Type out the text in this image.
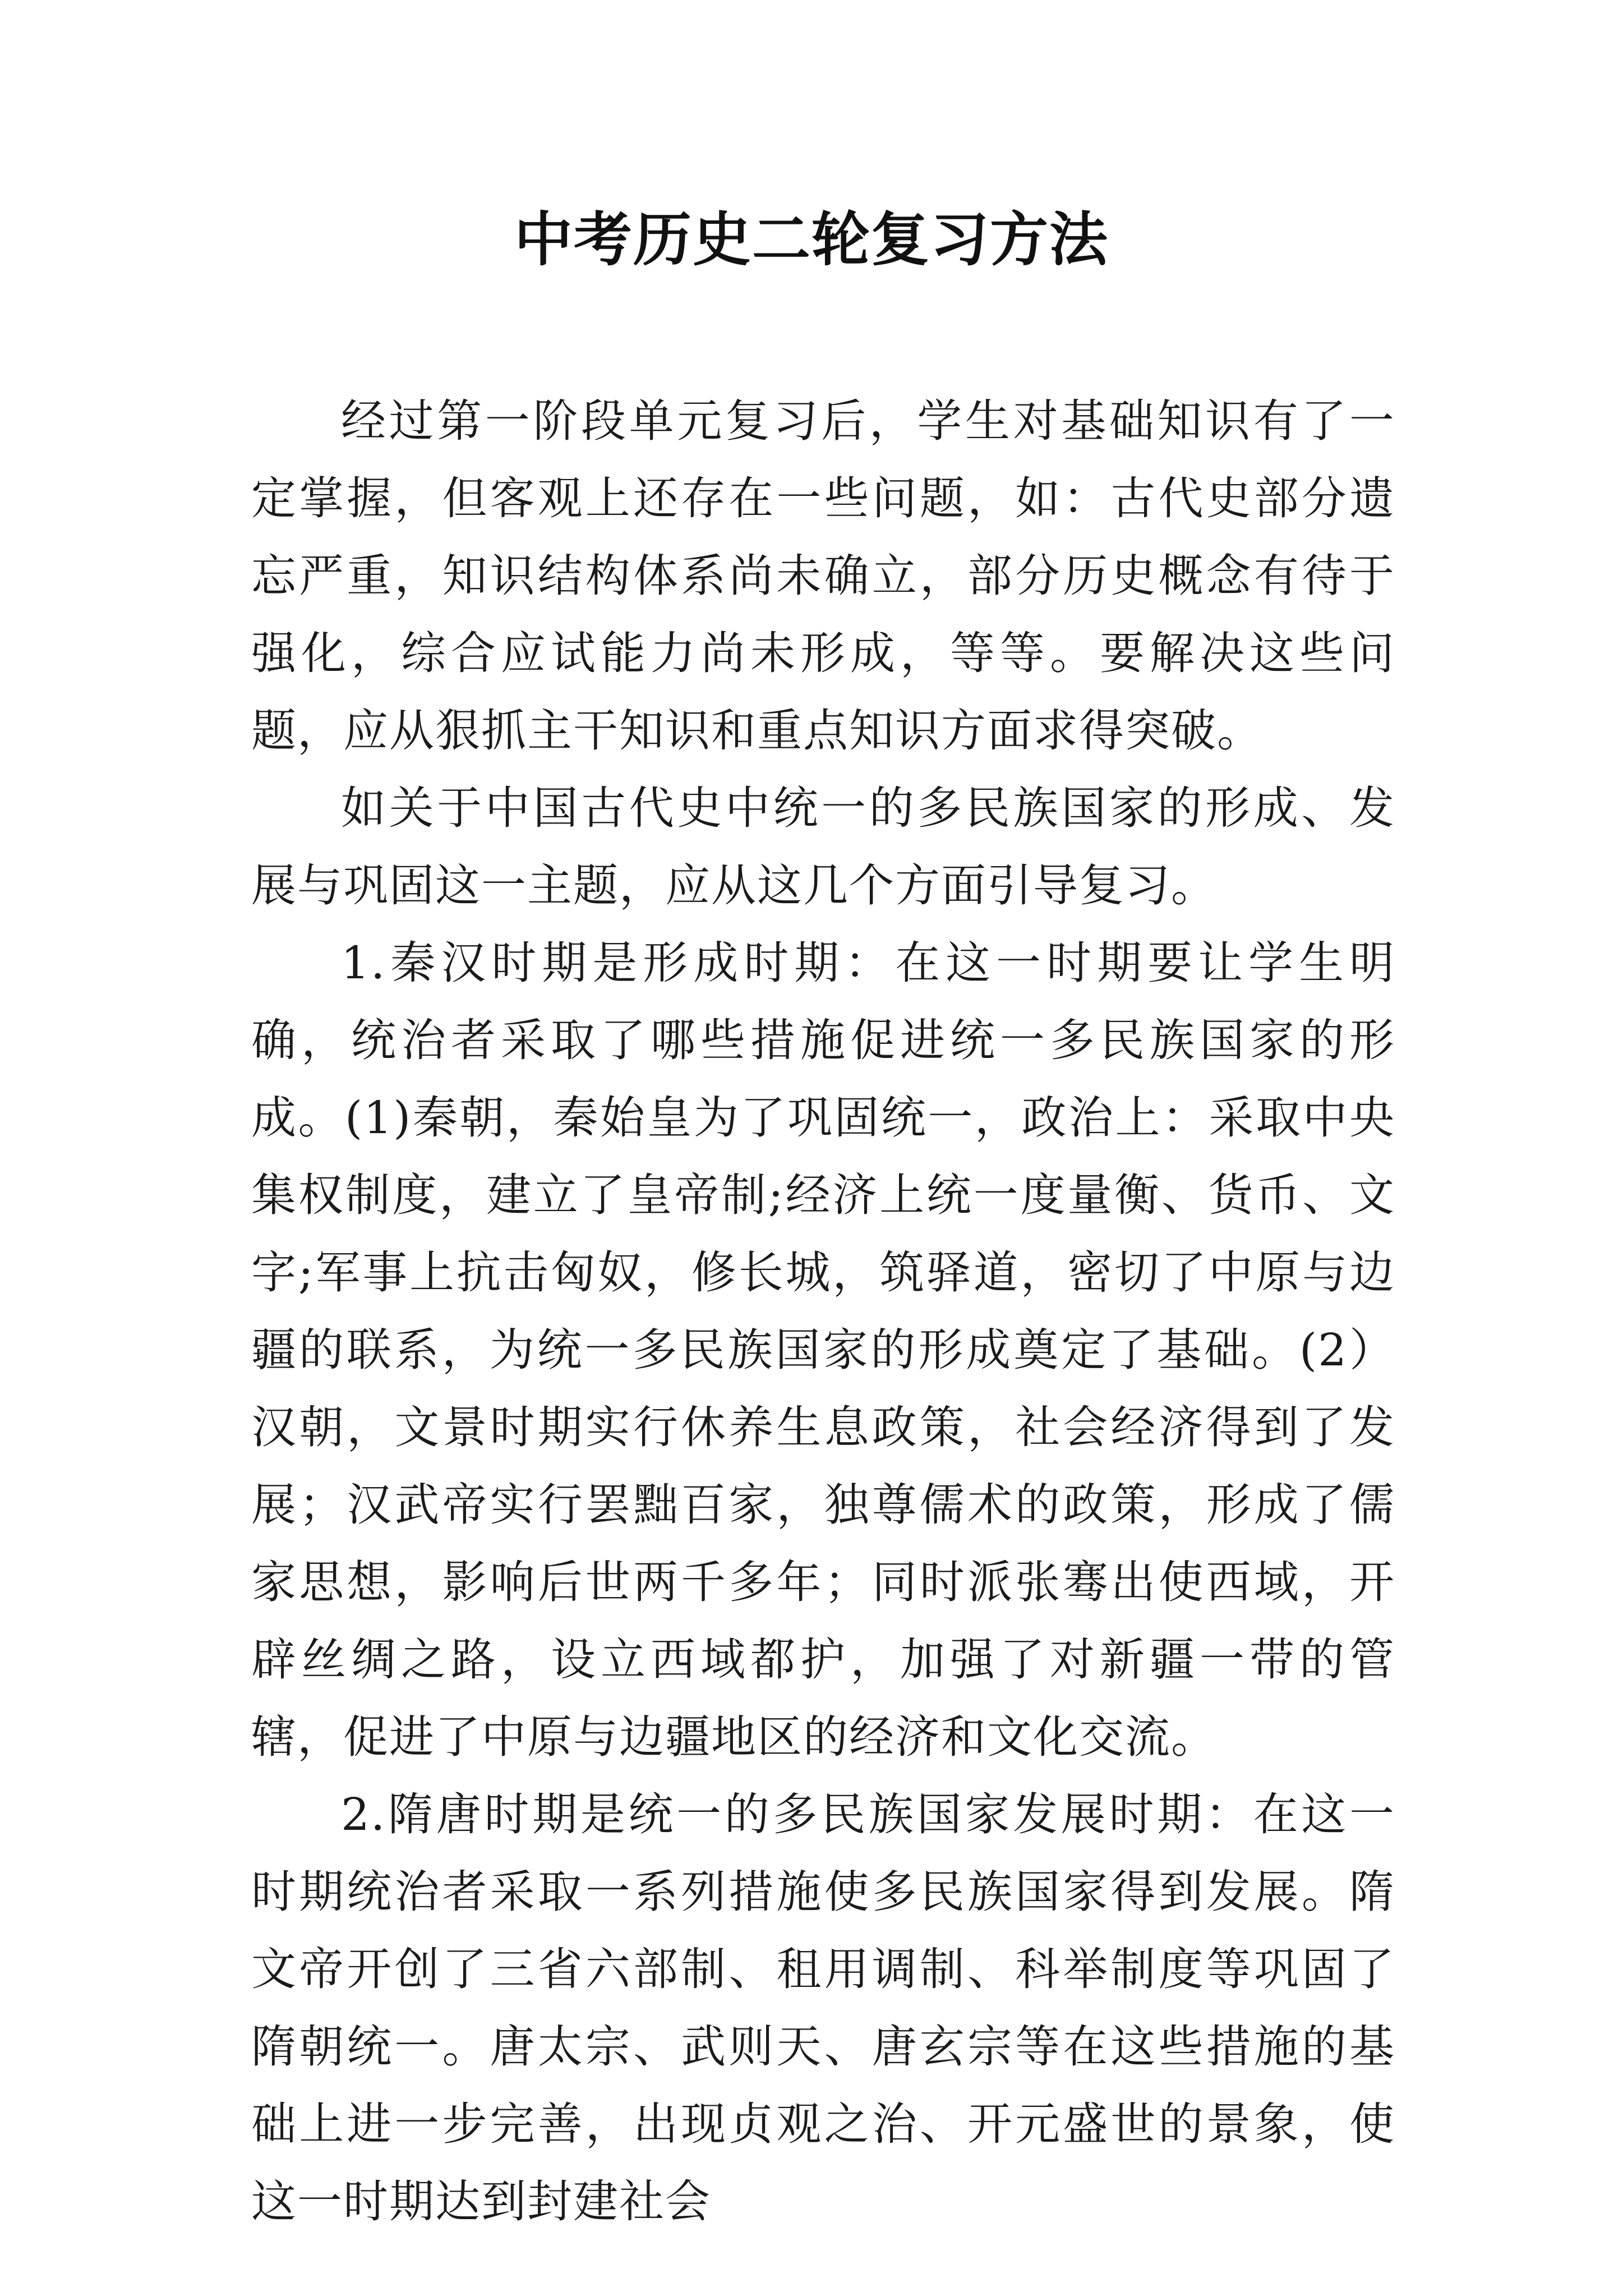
中考历史二轮复习方法

经过第一阶段单元复习后，学生对基础知识有了一定掌握，但客观上还存在一些问题，如：古代史部分遗忘严重，知识结构体系尚未确立，部分历史概念有待于强化，综合应试能力尚未形成，等等。要解决这些问题，应从狠抓主干知识和重点知识方面求得突破。

如关于中国古代史中统一的多民族国家的形成、发展与巩固这一主题，应从这几个方面引导复习。

1.秦汉时期是形成时期：在这一时期要让学生明确，统治者采取了哪些措施促进统一多民族国家的形成。(1)秦朝，秦始皇为了巩固统一，政治上：采取中央集权制度，建立了皇帝制;经济上统一度量衡、货币、文字;军事上抗击匈奴，修长城，筑驿道，密切了中原与边疆的联系，为统一多民族国家的形成奠定了基础。(2）汉朝，文景时期实行休养生息政策，社会经济得到了发展；汉武帝实行罢黜百家，独尊儒术的政策，形成了儒家思想，影响后世两千多年；同时派张骞出使西域，开辟丝绸之路，设立西域都护，加强了对新疆一带的管辖，促进了中原与边疆地区的经济和文化交流。

2.隋唐时期是统一的多民族国家发展时期：在这一时期统治者采取一系列措施使多民族国家得到发展。隋文帝开创了三省六部制、租用调制、科举制度等巩固了隋朝统一。唐太宗、武则天、唐玄宗等在这些措施的基础上进一步完善，出现贞观之治、开元盛世的景象，使这一时期达到封建社会
